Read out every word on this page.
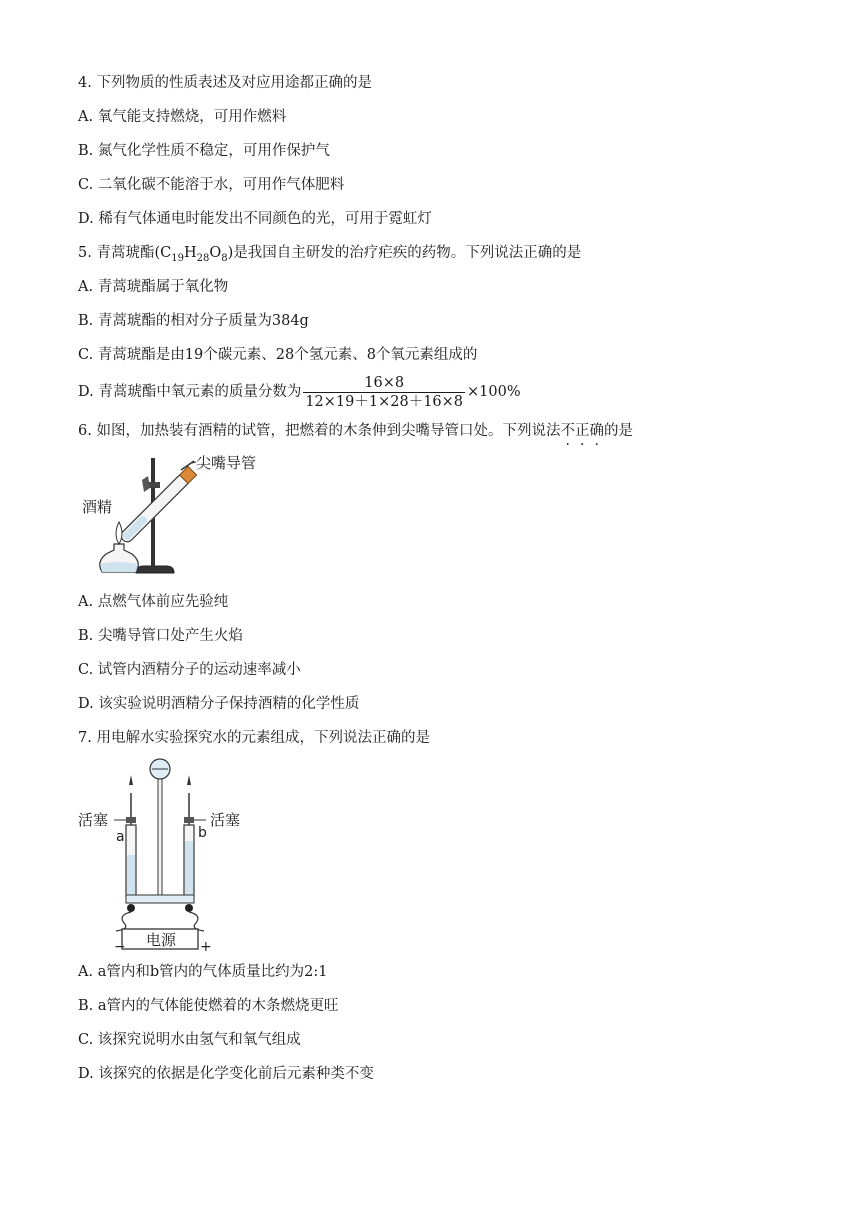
4. 下列物质的性质表述及对应用途都正确的是
A. 氧气能支持燃烧，可用作燃料
B. 氮气化学性质不稳定，可用作保护气
C. 二氧化碳不能溶于水，可用作气体肥料
D. 稀有气体通电时能发出不同颜色的光，可用于霓虹灯
5. 青蒿琥酯$(C_{19}H_{28}O_8)$是我国自主研发的治疗疟疾的药物。下列说法正确的是
A. 青蒿琥酯属于氧化物
B. 青蒿琥酯的相对分子质量为384g
C. 青蒿琥酯是由19个碳元素、28个氢元素、8个氧元素组成的
D. 青蒿琥酯中氧元素的质量分数为 $\frac{16\times 8}{12\times 19+1\times 28+16\times 8} \times 100\%$
6. 如图，加热装有酒精的试管，把燃着的木条伸到尖嘴导管口处。下列说法不正确的是
尖嘴导管
酒精
A. 点燃气体前应先验纯
B. 尖嘴导管口处产生火焰
C. 试管内酒精分子的运动速率减小
D. 该实验说明酒精分子保持酒精的化学性质
7. 用电解水实验探究水的元素组成，下列说法正确的是
活塞	活塞
a	b
电源
−	+
A. a管内和b管内的气体质量比约为2:1
B. a管内的气体能使燃着的木条燃烧更旺
C. 该探究说明水由氢气和氧气组成
D. 该探究的依据是化学变化前后元素种类不变
